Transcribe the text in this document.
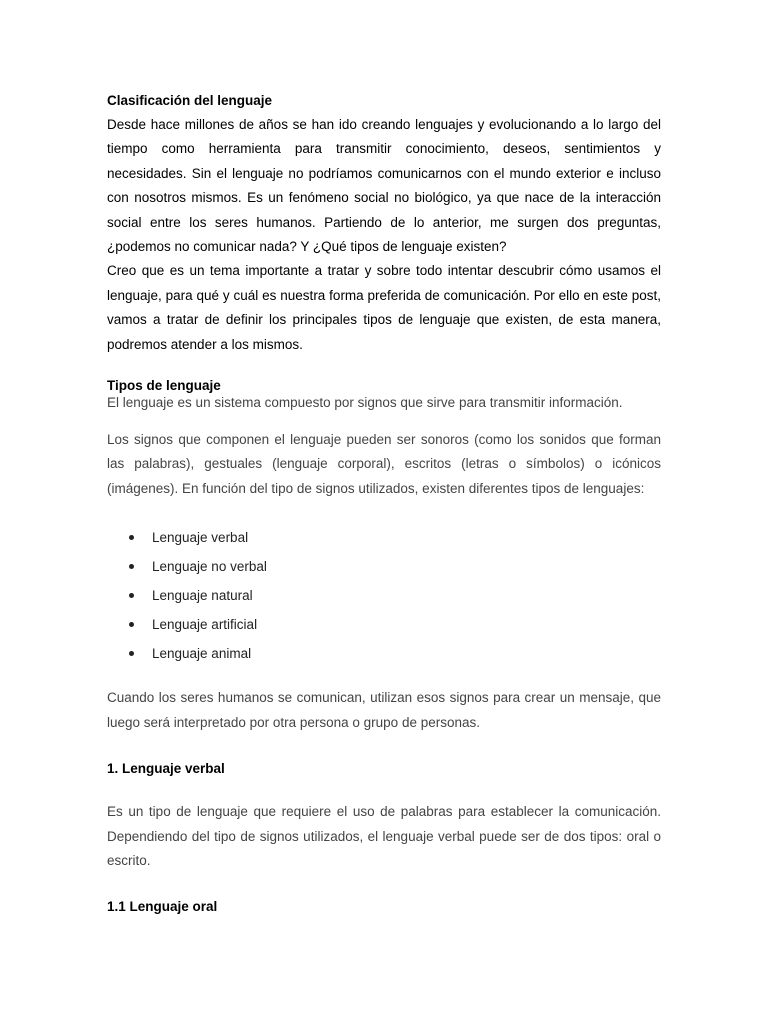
Clasificación del lenguaje

Desde hace millones de años se han ido creando lenguajes y evolucionando a lo largo del tiempo como herramienta para transmitir conocimiento, deseos, sentimientos y necesidades. Sin el lenguaje no podríamos comunicarnos con el mundo exterior e incluso con nosotros mismos. Es un fenómeno social no biológico, ya que nace de la interacción social entre los seres humanos. Partiendo de lo anterior, me surgen dos preguntas, ¿podemos no comunicar nada? Y ¿Qué tipos de lenguaje existen?

Creo que es un tema importante a tratar y sobre todo intentar descubrir cómo usamos el lenguaje, para qué y cuál es nuestra forma preferida de comunicación. Por ello en este post, vamos a tratar de definir los principales tipos de lenguaje que existen, de esta manera, podremos atender a los mismos.

Tipos de lenguaje

El lenguaje es un sistema compuesto por signos que sirve para transmitir información.

Los signos que componen el lenguaje pueden ser sonoros (como los sonidos que forman las palabras), gestuales (lenguaje corporal), escritos (letras o símbolos) o icónicos (imágenes). En función del tipo de signos utilizados, existen diferentes tipos de lenguajes:

Lenguaje verbal
Lenguaje no verbal
Lenguaje natural
Lenguaje artificial
Lenguaje animal

Cuando los seres humanos se comunican, utilizan esos signos para crear un mensaje, que luego será interpretado por otra persona o grupo de personas.

1. Lenguaje verbal

Es un tipo de lenguaje que requiere el uso de palabras para establecer la comunicación. Dependiendo del tipo de signos utilizados, el lenguaje verbal puede ser de dos tipos: oral o escrito.

1.1 Lenguaje oral
